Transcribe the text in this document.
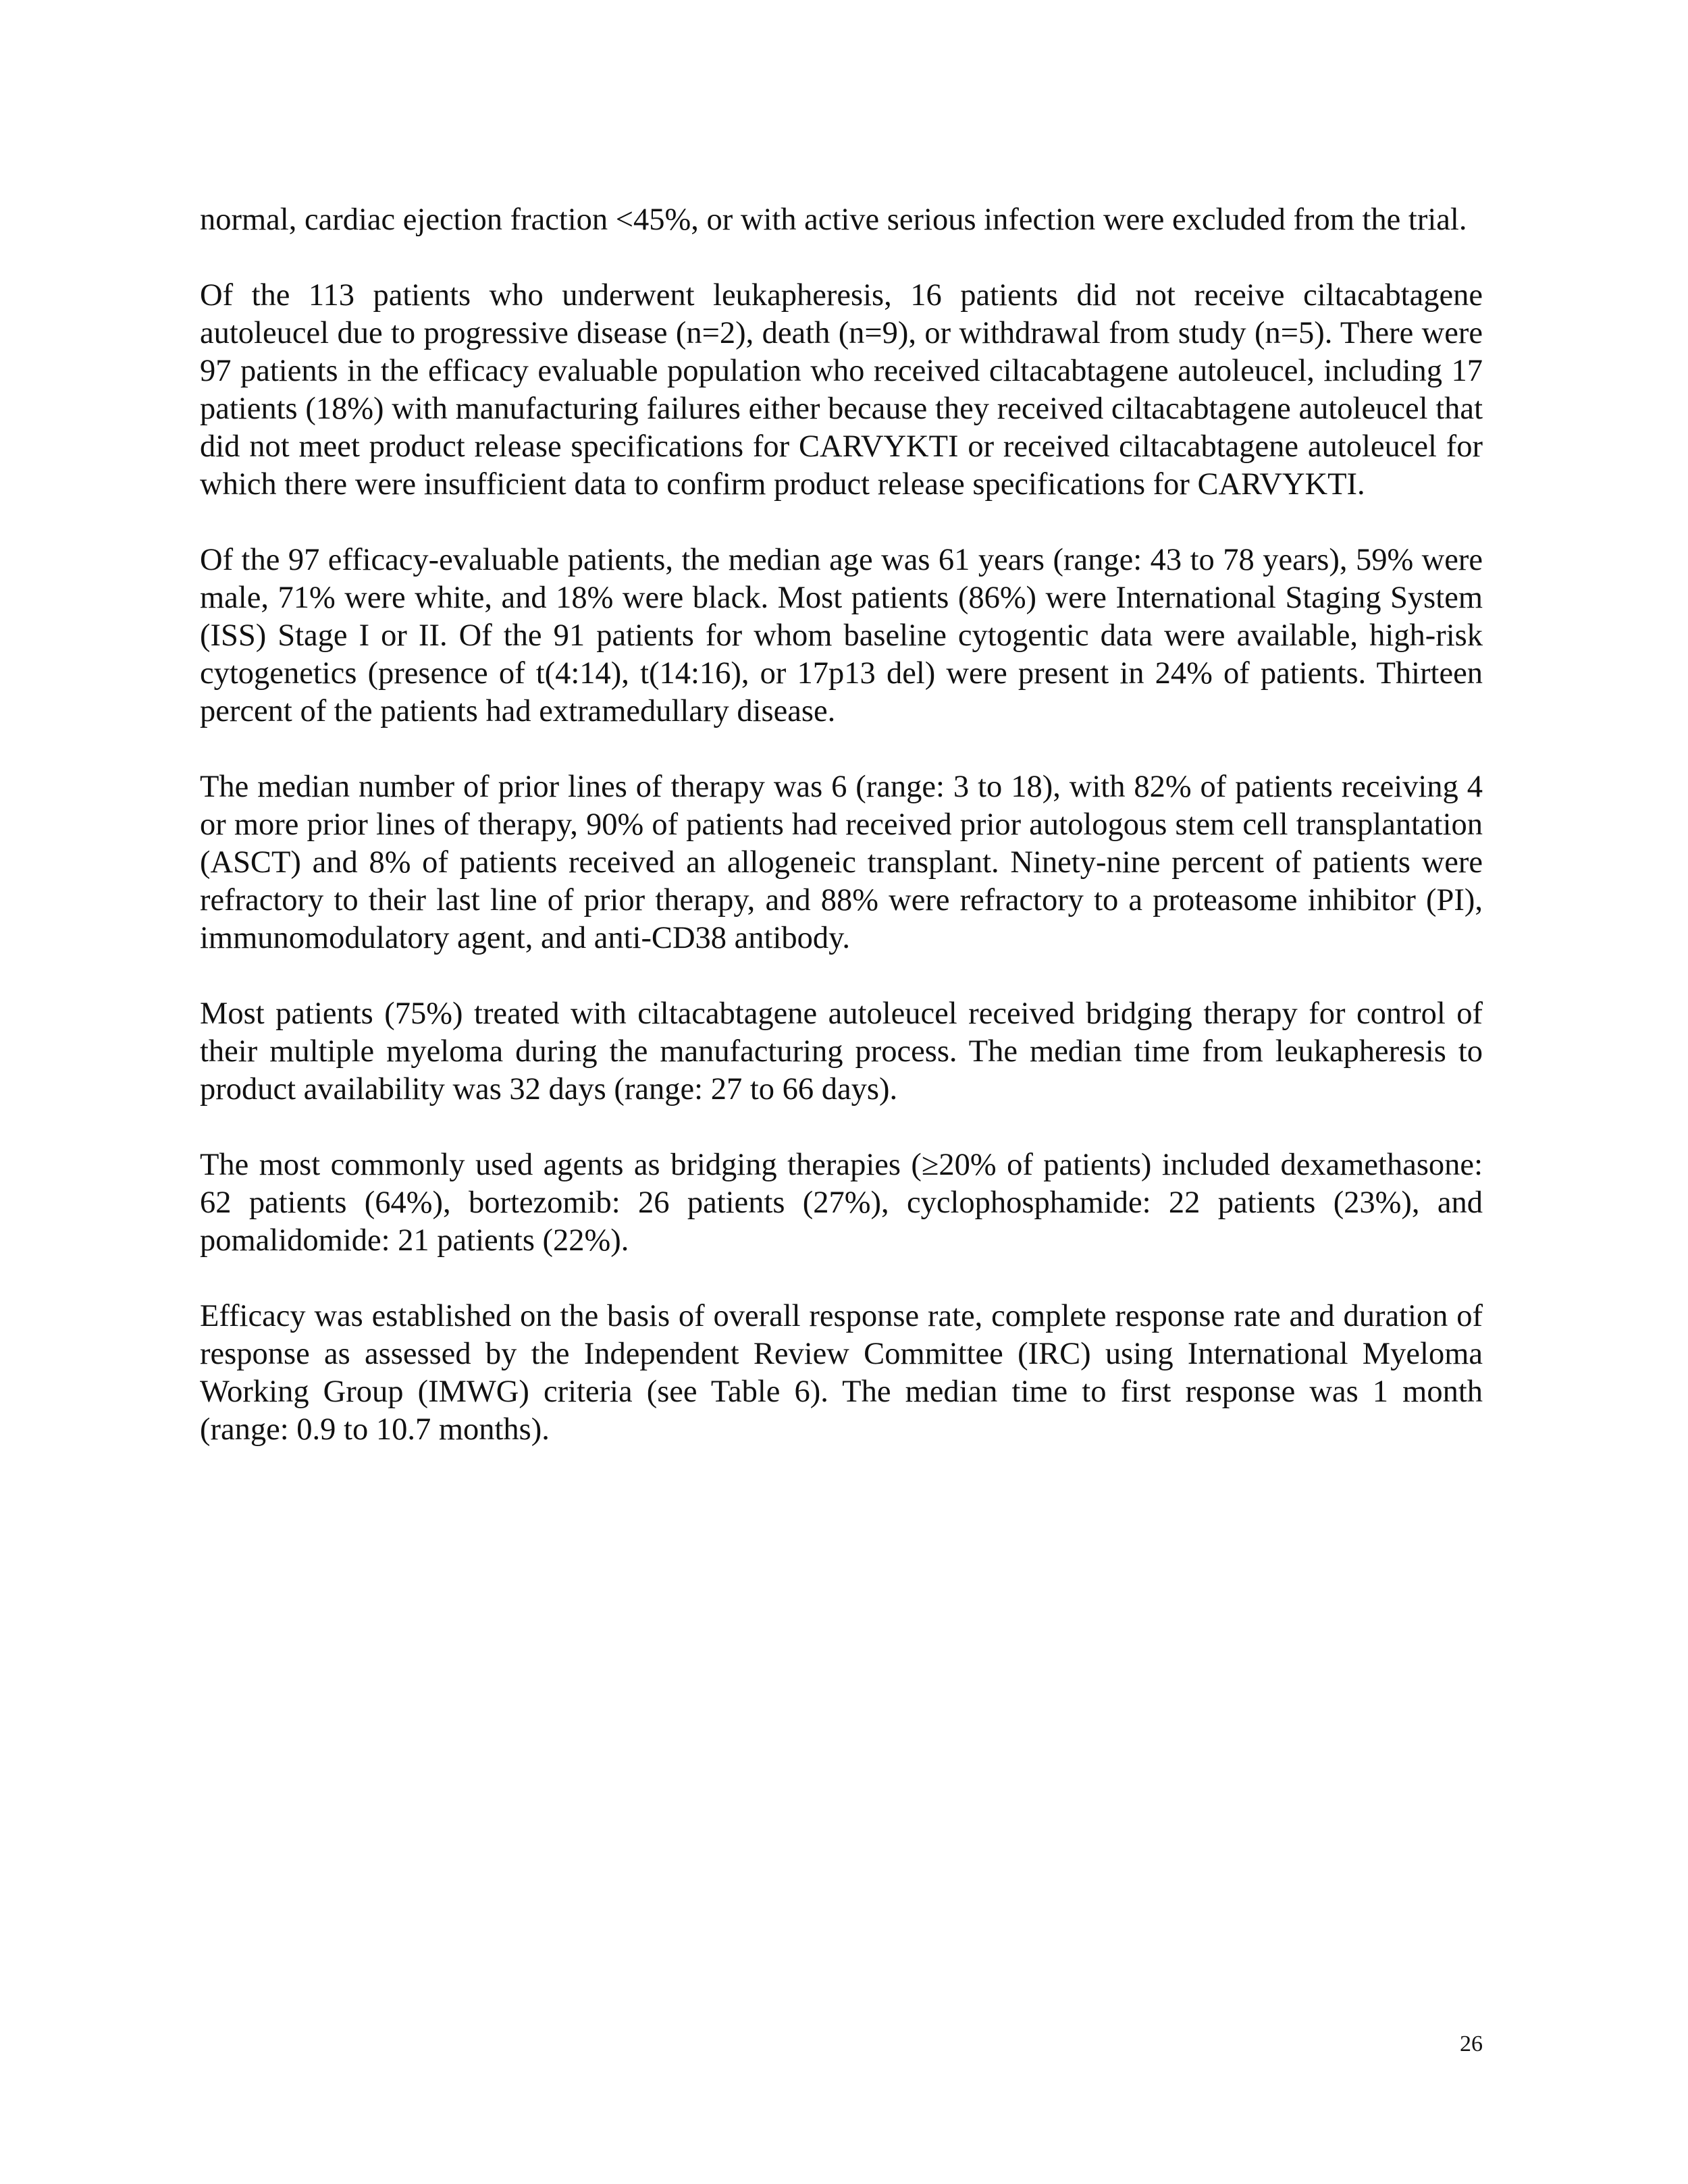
normal, cardiac ejection fraction <45%, or with active serious infection were excluded from the trial.

Of the 113 patients who underwent leukapheresis, 16 patients did not receive ciltacabtagene autoleucel due to progressive disease (n=2), death (n=9), or withdrawal from study (n=5). There were 97 patients in the efficacy evaluable population who received ciltacabtagene autoleucel, including 17 patients (18%) with manufacturing failures either because they received ciltacabtagene autoleucel that did not meet product release specifications for CARVYKTI or received ciltacabtagene autoleucel for which there were insufficient data to confirm product release specifications for CARVYKTI.

Of the 97 efficacy-evaluable patients, the median age was 61 years (range: 43 to 78 years), 59% were male, 71% were white, and 18% were black. Most patients (86%) were International Staging System (ISS) Stage I or II. Of the 91 patients for whom baseline cytogentic data were available, high-risk cytogenetics (presence of t(4:14), t(14:16), or 17p13 del) were present in 24% of patients. Thirteen percent of the patients had extramedullary disease.

The median number of prior lines of therapy was 6 (range: 3 to 18), with 82% of patients receiving 4 or more prior lines of therapy, 90% of patients had received prior autologous stem cell transplantation (ASCT) and 8% of patients received an allogeneic transplant. Ninety-nine percent of patients were refractory to their last line of prior therapy, and 88% were refractory to a proteasome inhibitor (PI), immunomodulatory agent, and anti-CD38 antibody.

Most patients (75%) treated with ciltacabtagene autoleucel received bridging therapy for control of their multiple myeloma during the manufacturing process. The median time from leukapheresis to product availability was 32 days (range: 27 to 66 days).

The most commonly used agents as bridging therapies (≥20% of patients) included dexamethasone: 62 patients (64%), bortezomib: 26 patients (27%), cyclophosphamide: 22 patients (23%), and pomalidomide: 21 patients (22%).

Efficacy was established on the basis of overall response rate, complete response rate and duration of response as assessed by the Independent Review Committee (IRC) using International Myeloma Working Group (IMWG) criteria (see Table 6). The median time to first response was 1 month (range: 0.9 to 10.7 months).

26
